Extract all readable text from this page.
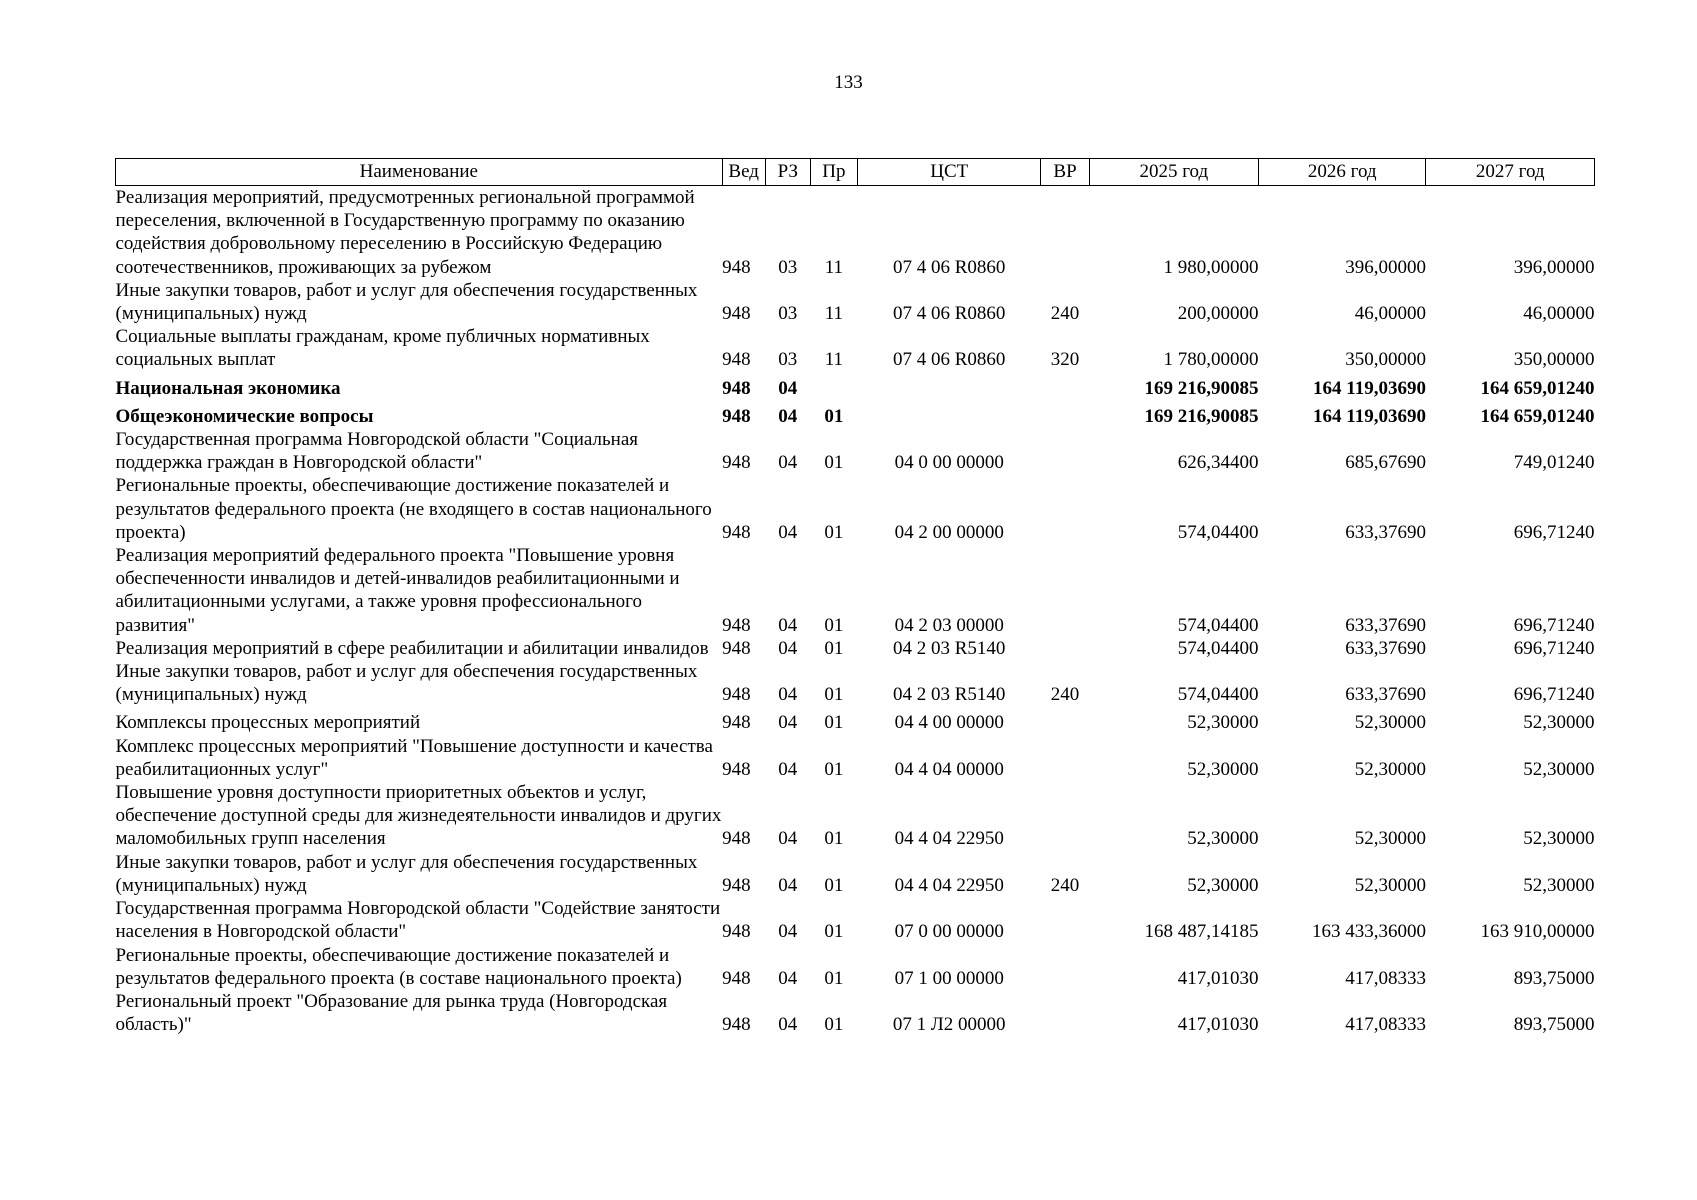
133
Наименование	Вед	РЗ	Пр	ЦСТ	ВР	2025 год	2026 год	2027 год
Реализация мероприятий, предусмотренных региональной программой переселения, включенной в Государственную программу по оказанию содействия добровольному переселению в Российскую Федерацию соотечественников, проживающих за рубежом	948	03	11	07 4 06 R0860		1 980,00000	396,00000	396,00000
Иные закупки товаров, работ и услуг для обеспечения государственных (муниципальных) нужд	948	03	11	07 4 06 R0860	240	200,00000	46,00000	46,00000
Социальные выплаты гражданам, кроме публичных нормативных социальных выплат	948	03	11	07 4 06 R0860	320	1 780,00000	350,00000	350,00000
Национальная экономика	948	04				169 216,90085	164 119,03690	164 659,01240
Общеэкономические вопросы	948	04	01			169 216,90085	164 119,03690	164 659,01240
Государственная программа Новгородской области "Социальная поддержка граждан в Новгородской области"	948	04	01	04 0 00 00000		626,34400	685,67690	749,01240
Региональные проекты, обеспечивающие достижение показателей и результатов федерального проекта (не входящего в состав национального проекта)	948	04	01	04 2 00 00000		574,04400	633,37690	696,71240
Реализация мероприятий федерального проекта "Повышение уровня обеспеченности инвалидов и детей-инвалидов реабилитационными и абилитационными услугами, а также уровня профессионального развития"	948	04	01	04 2 03 00000		574,04400	633,37690	696,71240
Реализация мероприятий в сфере реабилитации и абилитации инвалидов	948	04	01	04 2 03 R5140		574,04400	633,37690	696,71240
Иные закупки товаров, работ и услуг для обеспечения государственных (муниципальных) нужд	948	04	01	04 2 03 R5140	240	574,04400	633,37690	696,71240
Комплексы процессных мероприятий	948	04	01	04 4 00 00000		52,30000	52,30000	52,30000
Комплекс процессных мероприятий "Повышение доступности и качества реабилитационных услуг"	948	04	01	04 4 04 00000		52,30000	52,30000	52,30000
Повышение уровня доступности приоритетных объектов и услуг, обеспечение доступной среды для жизнедеятельности инвалидов и других маломобильных групп населения	948	04	01	04 4 04 22950		52,30000	52,30000	52,30000
Иные закупки товаров, работ и услуг для обеспечения государственных (муниципальных) нужд	948	04	01	04 4 04 22950	240	52,30000	52,30000	52,30000
Государственная программа Новгородской области "Содействие занятости населения в Новгородской области"	948	04	01	07 0 00 00000		168 487,14185	163 433,36000	163 910,00000
Региональные проекты, обеспечивающие достижение показателей и результатов федерального проекта (в составе национального проекта)	948	04	01	07 1 00 00000		417,01030	417,08333	893,75000
Региональный проект "Образование для рынка труда (Новгородская область)"	948	04	01	07 1 Л2 00000		417,01030	417,08333	893,75000
